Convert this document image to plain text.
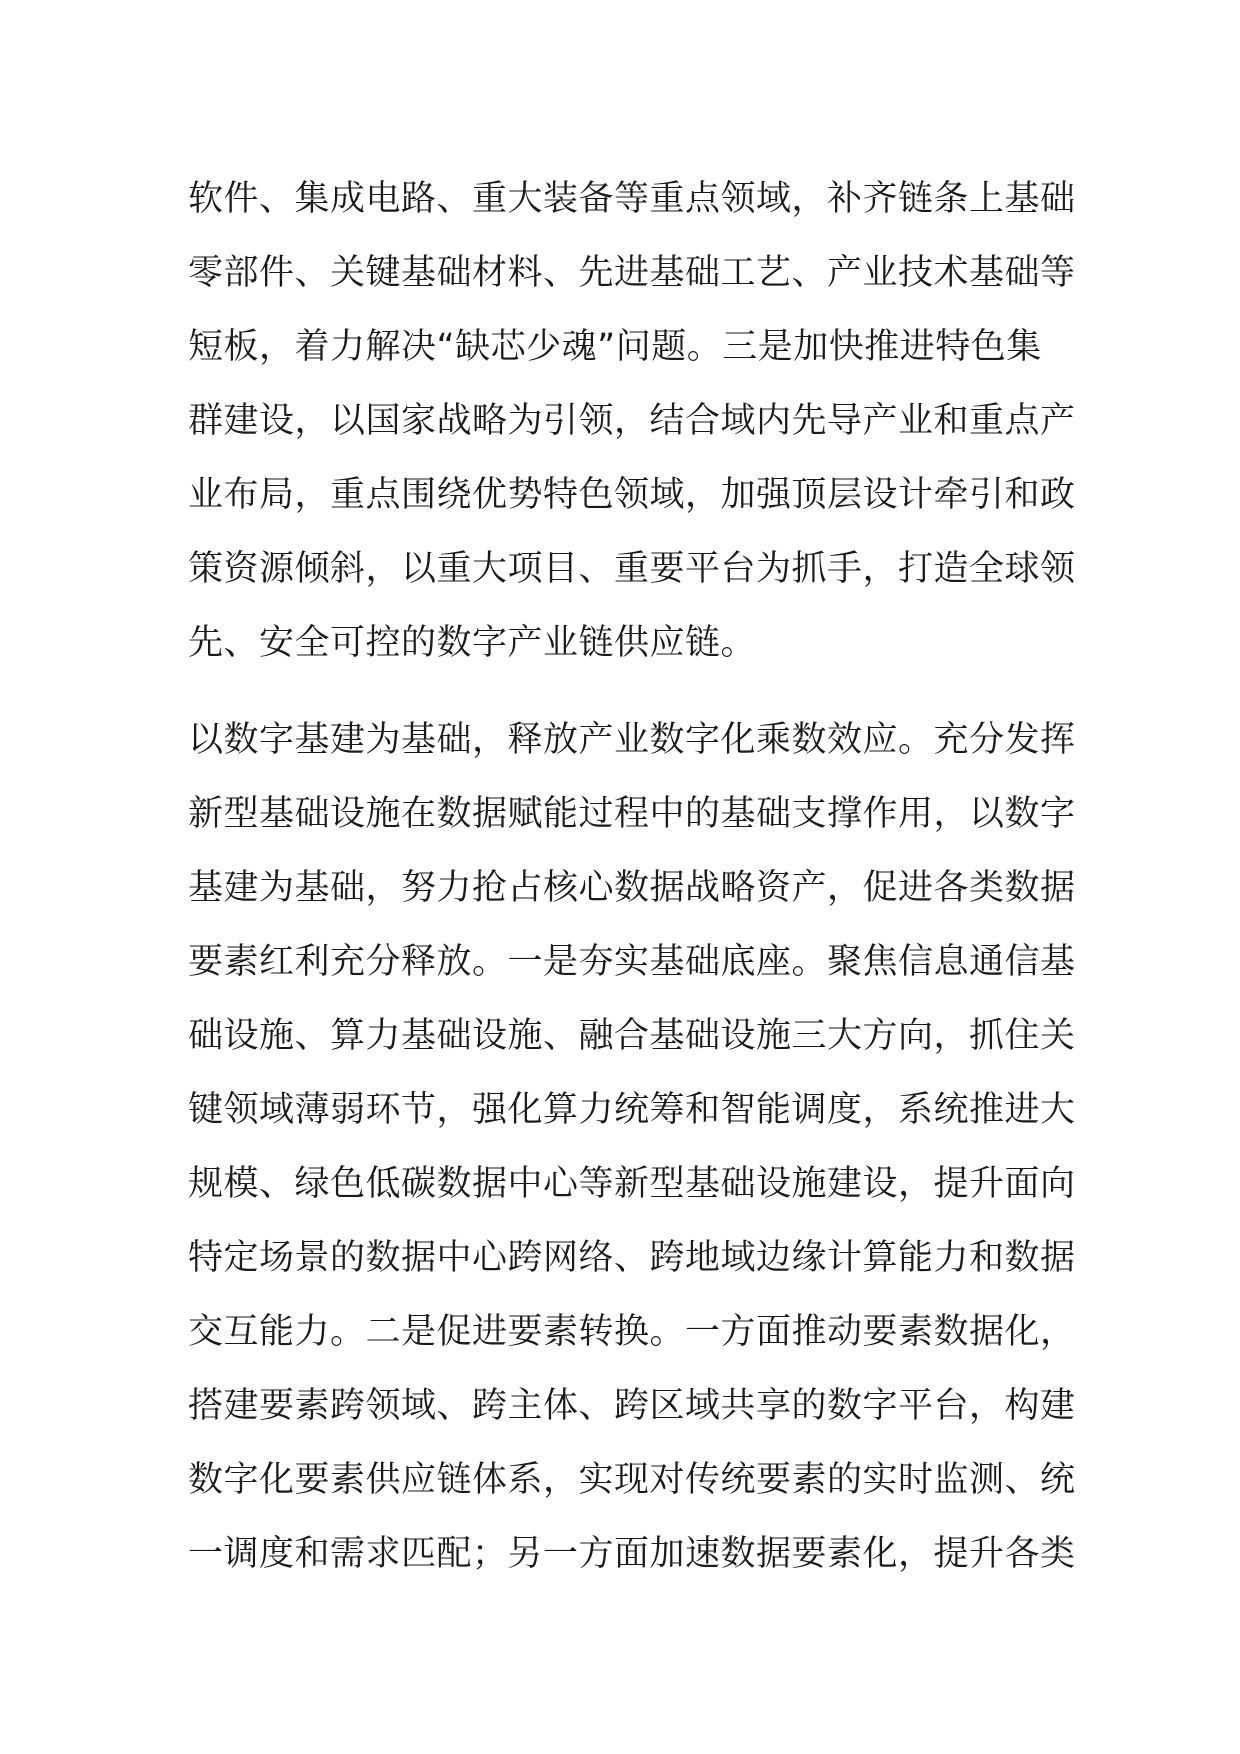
软件、集成电路、重大装备等重点领域，补齐链条上基础
零部件、关键基础材料、先进基础工艺、产业技术基础等
短板，着力解决“缺芯少魂”问题。三是加快推进特色集
群建设，以国家战略为引领，结合域内先导产业和重点产
业布局，重点围绕优势特色领域，加强顶层设计牵引和政
策资源倾斜，以重大项目、重要平台为抓手，打造全球领
先、安全可控的数字产业链供应链。
以数字基建为基础，释放产业数字化乘数效应。充分发挥
新型基础设施在数据赋能过程中的基础支撑作用，以数字
基建为基础，努力抢占核心数据战略资产，促进各类数据
要素红利充分释放。一是夯实基础底座。聚焦信息通信基
础设施、算力基础设施、融合基础设施三大方向，抓住关
键领域薄弱环节，强化算力统筹和智能调度，系统推进大
规模、绿色低碳数据中心等新型基础设施建设，提升面向
特定场景的数据中心跨网络、跨地域边缘计算能力和数据
交互能力。二是促进要素转换。一方面推动要素数据化，
搭建要素跨领域、跨主体、跨区域共享的数字平台，构建
数字化要素供应链体系，实现对传统要素的实时监测、统
一调度和需求匹配；另一方面加速数据要素化，提升各类
